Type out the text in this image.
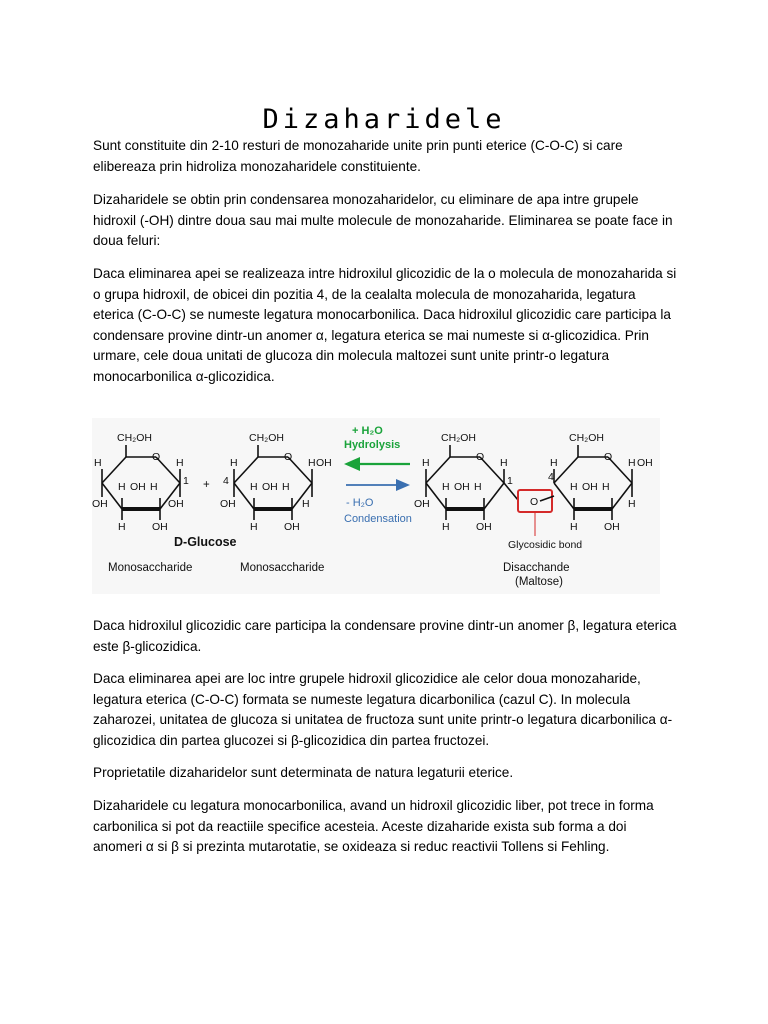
Dizaharidele

Sunt constituite din 2-10 resturi de monozaharide unite prin punti eterice (C-O-C) si care elibereaza prin hidroliza monozaharidele constituiente.

Dizaharidele se obtin prin condensarea monozaharidelor, cu eliminare de apa intre grupele hidroxil (-OH) dintre doua sau mai multe molecule de monozaharide. Eliminarea se poate face in doua feluri:

Daca eliminarea apei se realizeaza intre hidroxilul glicozidic de la o molecula de monozaharida si o grupa hidroxil, de obicei din pozitia 4, de la cealalta molecula de monozaharida, legatura eterica (C-O-C) se numeste legatura monocarbonilica. Daca hidroxilul glicozidic care participa la condensare provine dintr-un anomer α, legatura eterica se mai numeste si α-glicozidica. Prin urmare, cele doua unitati de glucoza din molecula maltozei sunt unite printr-o legatura monocarbonilica α-glicozidica.

CH₂OH
O
H	H
H OH H 1
OH	OH
H	OH
+
CH₂OH
O
H	H
4
OH
H OH H
OH	H
H	OH
+ H₂O
Hydrolysis
- H₂O
Condensation
CH₂OH
O
H	H
H OH H 1
OH
H	OH
O
4
CH₂OH
O
H	H OH
H OH H
H
H	OH
D-Glucose
Monosaccharide	Monosaccharide
Glycosidic bond
Disacchande
(Maltose)

Daca hidroxilul glicozidic care participa la condensare provine dintr-un anomer β, legatura eterica este β-glicozidica.

Daca eliminarea apei are loc intre grupele hidroxil glicozidice ale celor doua monozaharide, legatura eterica (C-O-C) formata se numeste legatura dicarbonilica (cazul C). In molecula zaharozei, unitatea de glucoza si unitatea de fructoza sunt unite printr-o legatura dicarbonilica α-glicozidica din partea glucozei si β-glicozidica din partea fructozei.

Proprietatile dizaharidelor sunt determinata de natura legaturii eterice.

Dizaharidele cu legatura monocarbonilica, avand un hidroxil glicozidic liber, pot trece in forma carbonilica si pot da reactiile specifice acesteia. Aceste dizaharide exista sub forma a doi anomeri α si β si prezinta mutarotatie, se oxideaza si reduc reactivii Tollens si Fehling.
